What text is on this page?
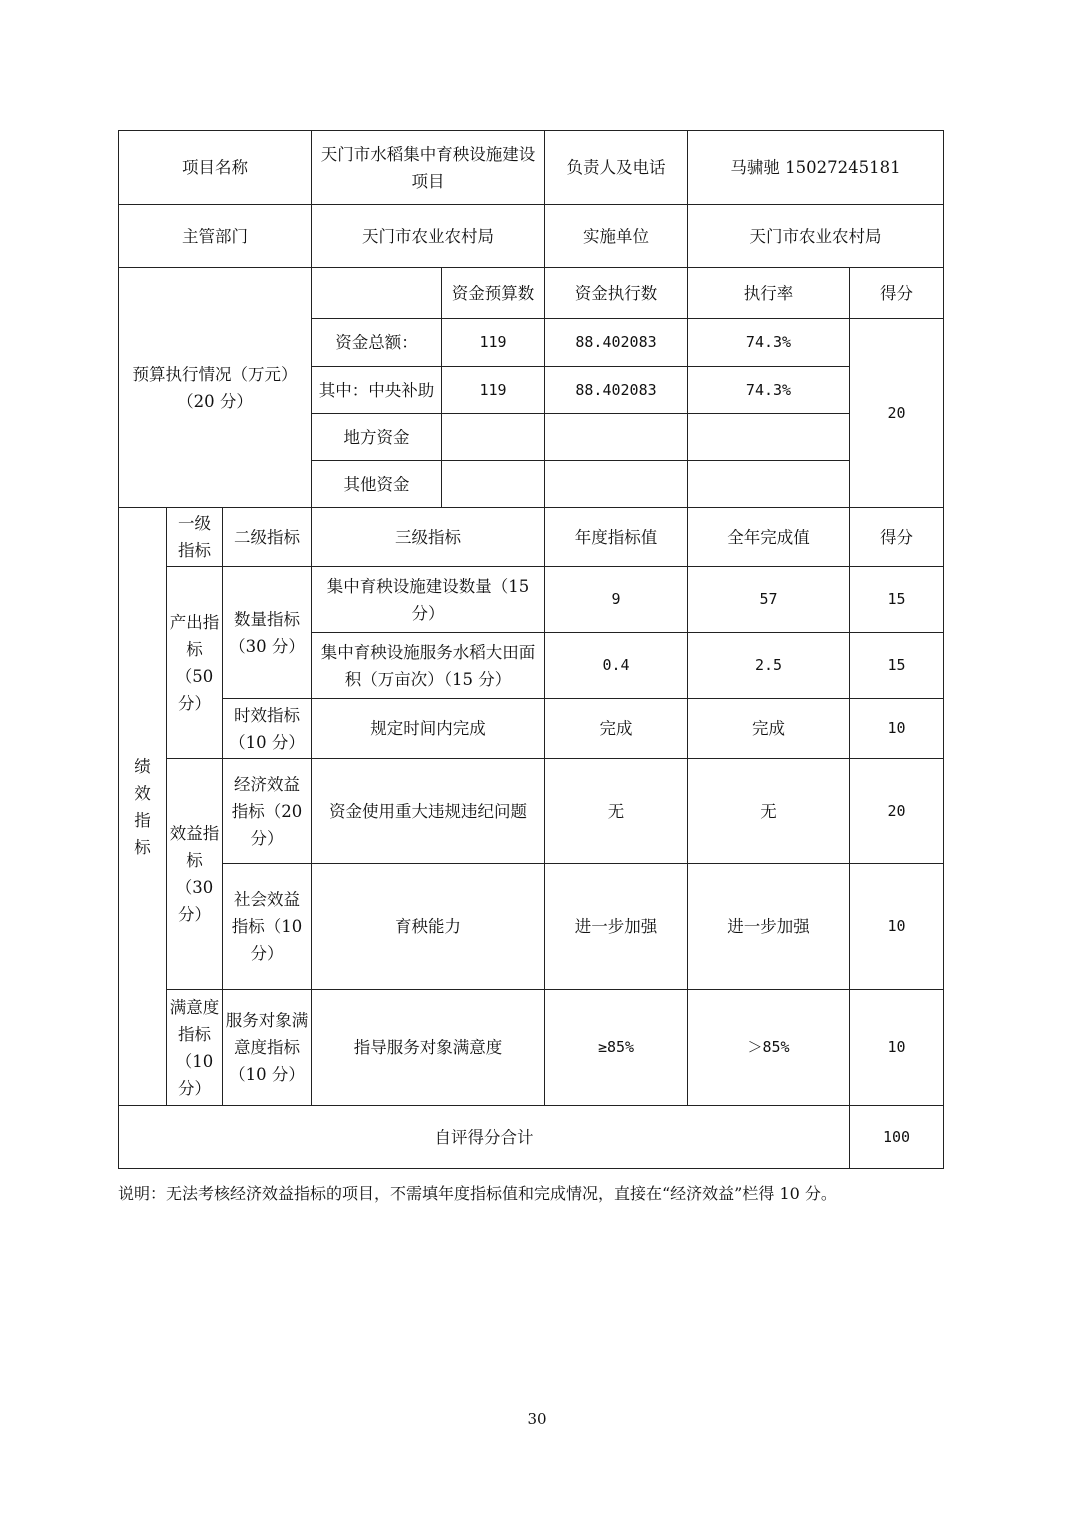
项目名称			天门市水稻集中育秧设施建设项目		负责人及电话	马骕驰 15027245181	
主管部门			天门市农业农村局		实施单位	天门市农业农村局	
预算执行情况（万元）（20 分）				资金预算数	资金执行数	执行率	得分
			资金总额：	119	88.402083	74.3%	20
			其中：中央补助	119	88.402083	74.3%	
			地方资金				
			其他资金				
绩效指标	一级指标	二级指标	三级指标		年度指标值	全年完成值	得分
	产出指标（50 分）	数量指标（30 分）	集中育秧设施建设数量（15 分）		9	57	15
			集中育秧设施服务水稻大田面积（万亩次）（15 分）		0.4	2.5	15
		时效指标（10 分）	规定时间内完成		完成	完成	10
	效益指标（30 分）	经济效益指标（20 分）	资金使用重大违规违纪问题		无	无	20
		社会效益指标（10 分）	育秧能力		进一步加强	进一步加强	10
	满意度指标（10 分）	服务对象满意度指标（10 分）	指导服务对象满意度		≥85%	＞85%	10
自评得分合计							100
说明：无法考核经济效益指标的项目，不需填年度指标值和完成情况，直接在“经济效益”栏得 10 分。
30
